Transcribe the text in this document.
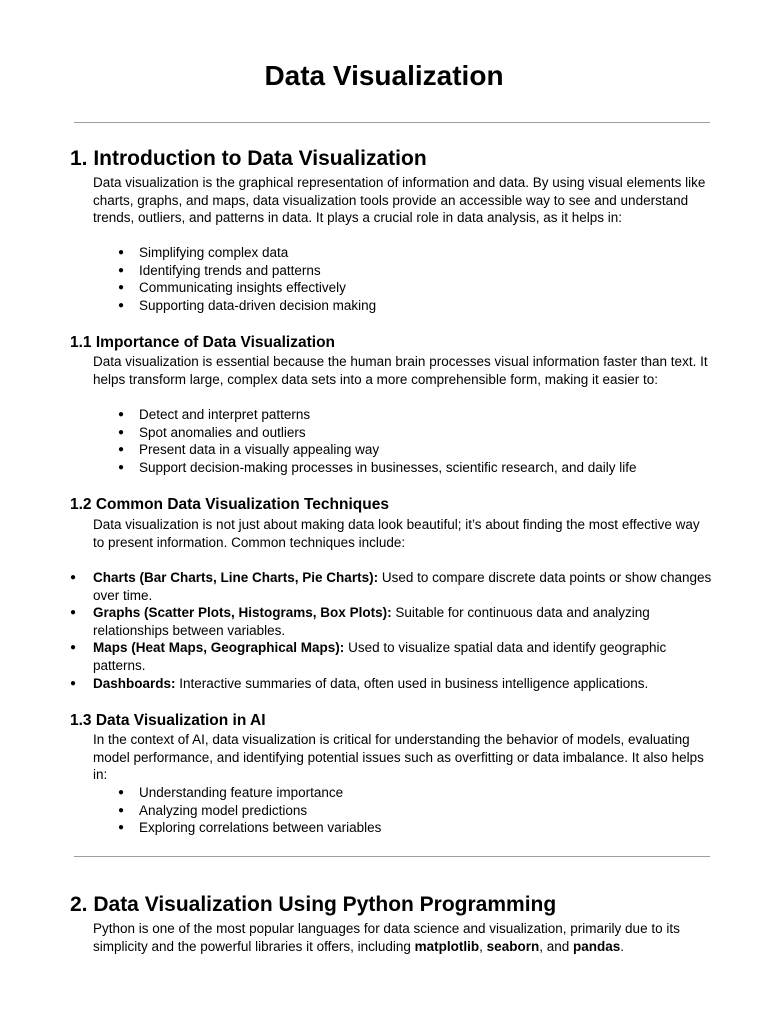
Data Visualization
1. Introduction to Data Visualization

Data visualization is the graphical representation of information and data. By using visual elements like charts, graphs, and maps, data visualization tools provide an accessible way to see and understand trends, outliers, and patterns in data. It plays a crucial role in data analysis, as it helps in:

● Simplifying complex data
● Identifying trends and patterns
● Communicating insights effectively
● Supporting data-driven decision making
1.1 Importance of Data Visualization

Data visualization is essential because the human brain processes visual information faster than text. It helps transform large, complex data sets into a more comprehensible form, making it easier to:

● Detect and interpret patterns
● Spot anomalies and outliers
● Present data in a visually appealing way
● Support decision-making processes in businesses, scientific research, and daily life
1.2 Common Data Visualization Techniques

Data visualization is not just about making data look beautiful; it’s about finding the most effective way to present information. Common techniques include:

● Charts (Bar Charts, Line Charts, Pie Charts): Used to compare discrete data points or show changes over time.
● Graphs (Scatter Plots, Histograms, Box Plots): Suitable for continuous data and analyzing relationships between variables.
● Maps (Heat Maps, Geographical Maps): Used to visualize spatial data and identify geographic patterns.
● Dashboards: Interactive summaries of data, often used in business intelligence applications.
1.3 Data Visualization in AI

In the context of AI, data visualization is critical for understanding the behavior of models, evaluating model performance, and identifying potential issues such as overfitting or data imbalance. It also helps in:

● Understanding feature importance
● Analyzing model predictions
● Exploring correlations between variables
2. Data Visualization Using Python Programming

Python is one of the most popular languages for data science and visualization, primarily due to its simplicity and the powerful libraries it offers, including matplotlib, seaborn, and pandas.
